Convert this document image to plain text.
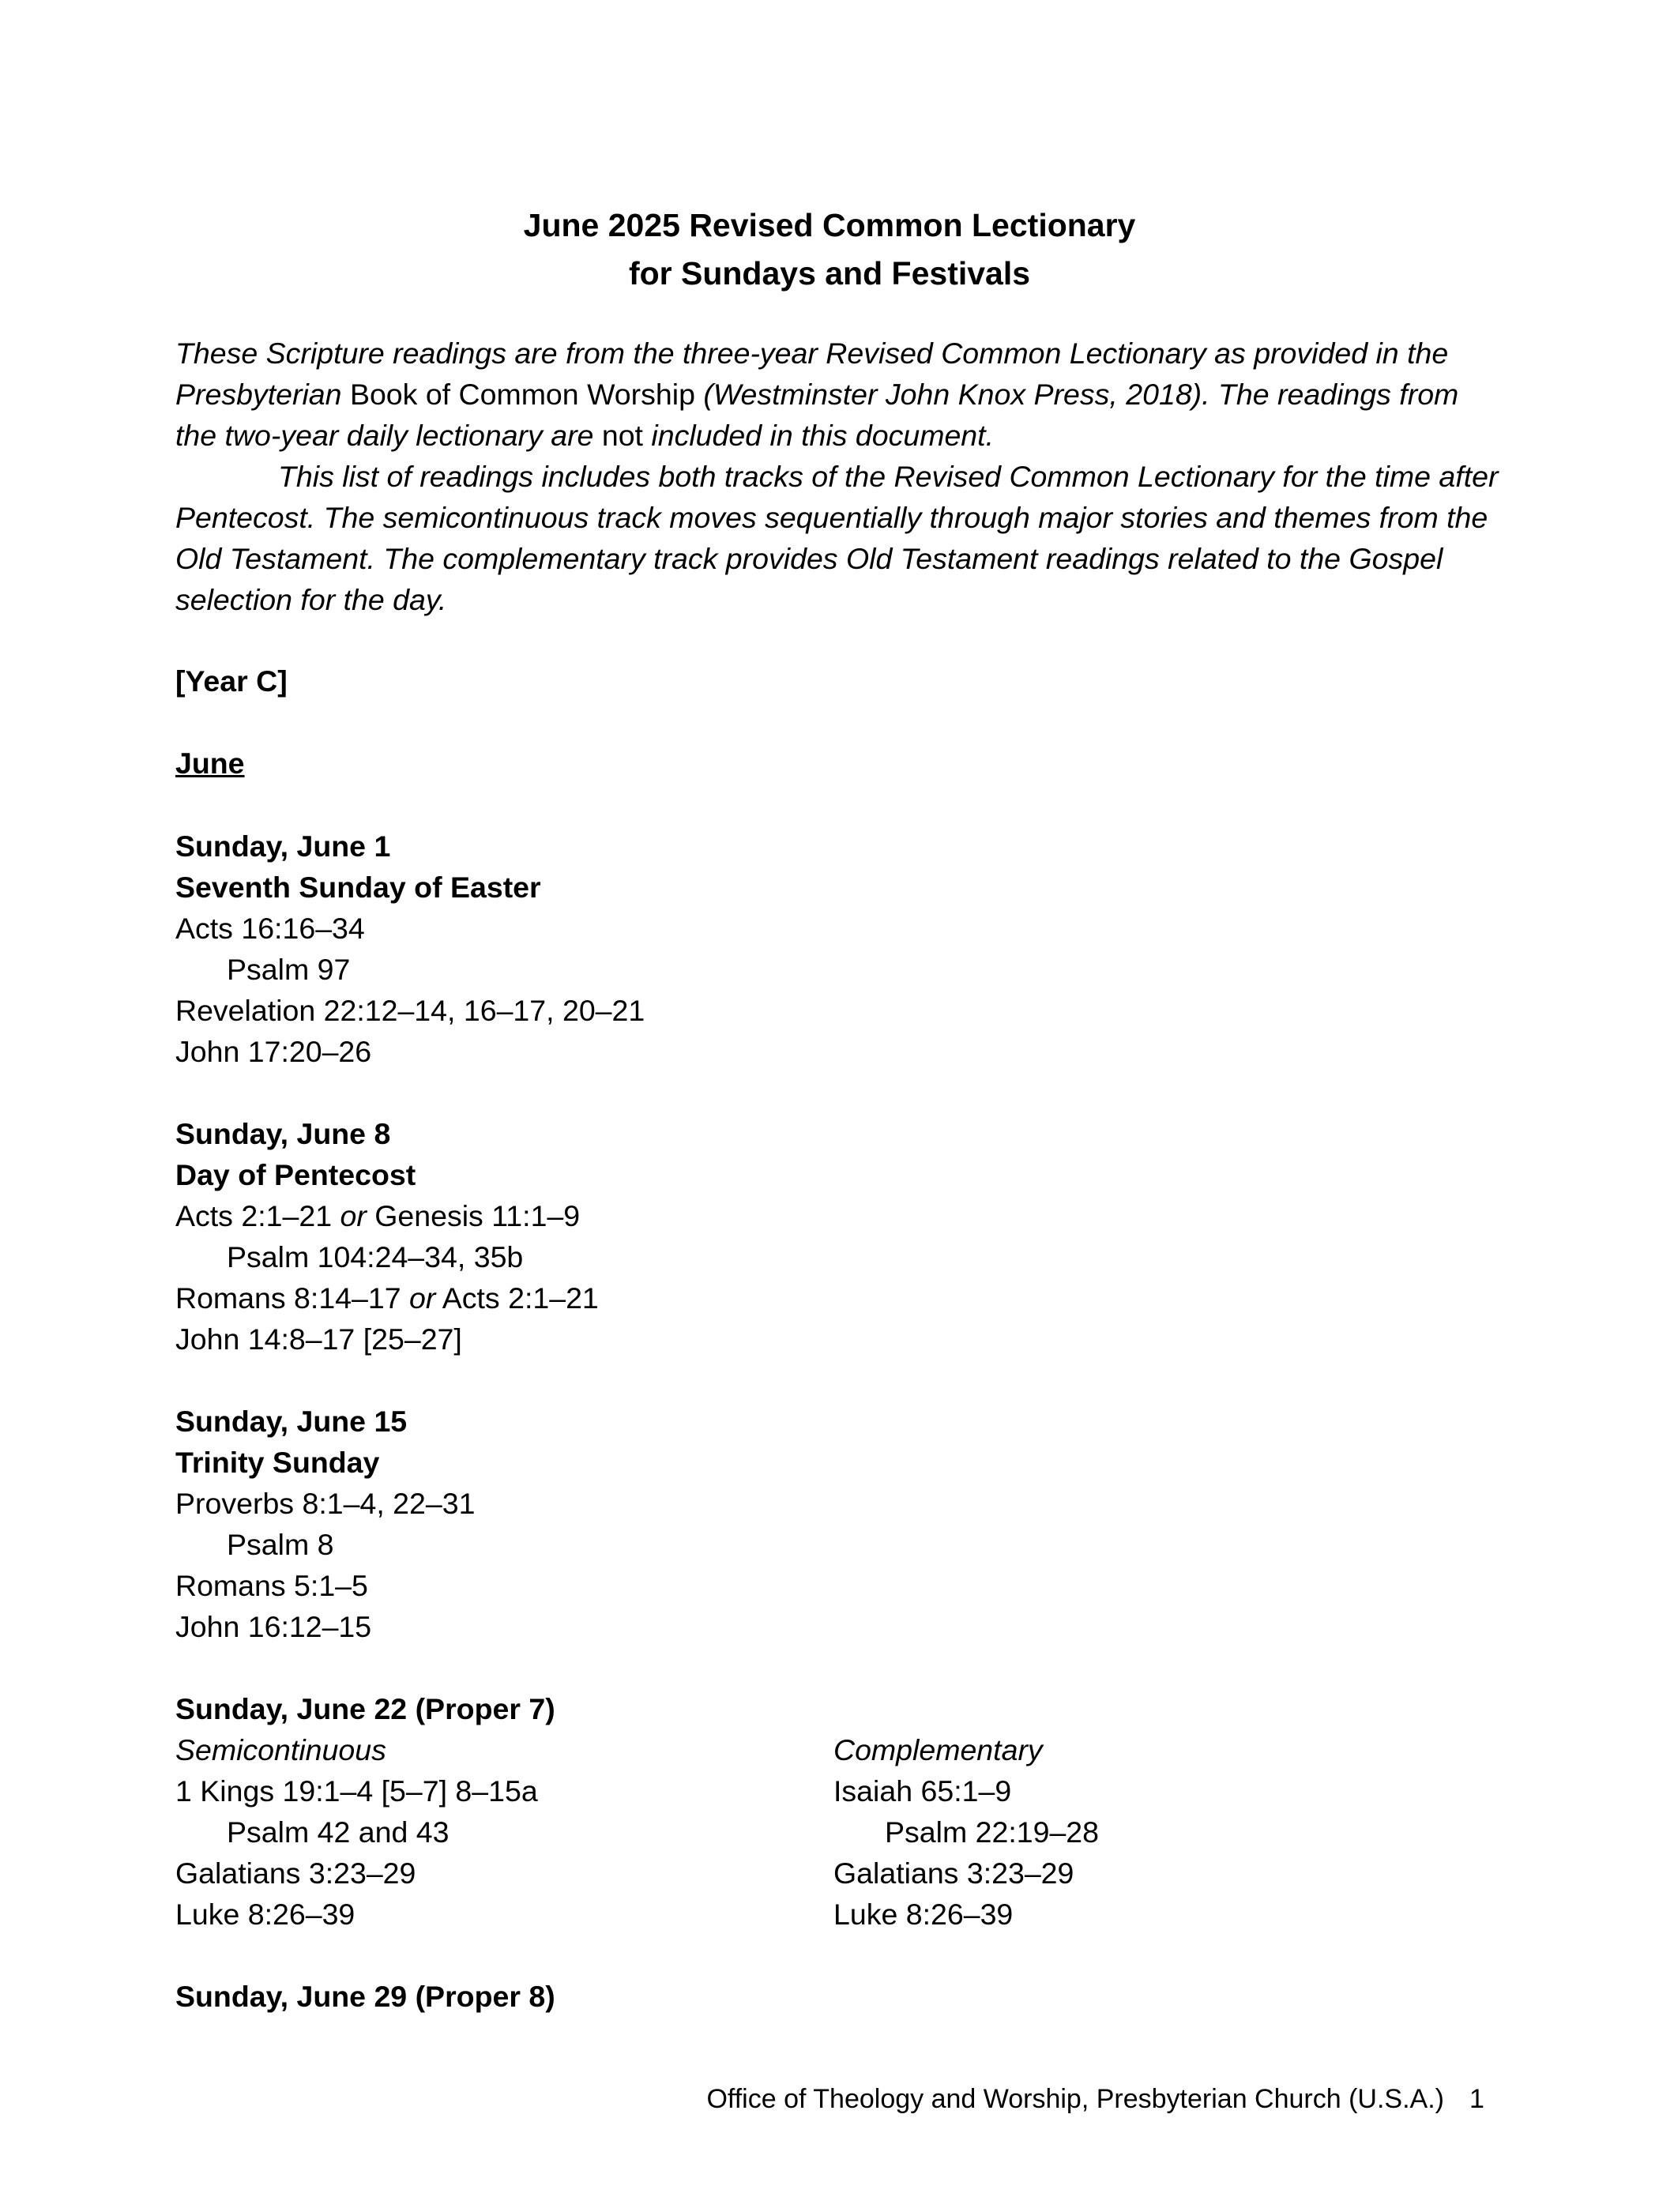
June 2025 Revised Common Lectionary
for Sundays and Festivals
These Scripture readings are from the three-year Revised Common Lectionary as provided in the Presbyterian Book of Common Worship (Westminster John Knox Press, 2018). The readings from the two-year daily lectionary are not included in this document.
This list of readings includes both tracks of the Revised Common Lectionary for the time after Pentecost. The semicontinuous track moves sequentially through major stories and themes from the Old Testament. The complementary track provides Old Testament readings related to the Gospel selection for the day.
[Year C]
June
Sunday, June 1
Seventh Sunday of Easter
Acts 16:16–34
Psalm 97
Revelation 22:12–14, 16–17, 20–21
John 17:20–26
Sunday, June 8
Day of Pentecost
Acts 2:1–21 or Genesis 11:1–9
Psalm 104:24–34, 35b
Romans 8:14–17 or Acts 2:1–21
John 14:8–17 [25–27]
Sunday, June 15
Trinity Sunday
Proverbs 8:1–4, 22–31
Psalm 8
Romans 5:1–5
John 16:12–15
Sunday, June 22 (Proper 7)
Semicontinuous
1 Kings 19:1–4 [5–7] 8–15a
Psalm 42 and 43
Galatians 3:23–29
Luke 8:26–39
Complementary
Isaiah 65:1–9
Psalm 22:19–28
Galatians 3:23–29
Luke 8:26–39
Sunday, June 29 (Proper 8)
Office of Theology and Worship, Presbyterian Church (U.S.A.) 1
